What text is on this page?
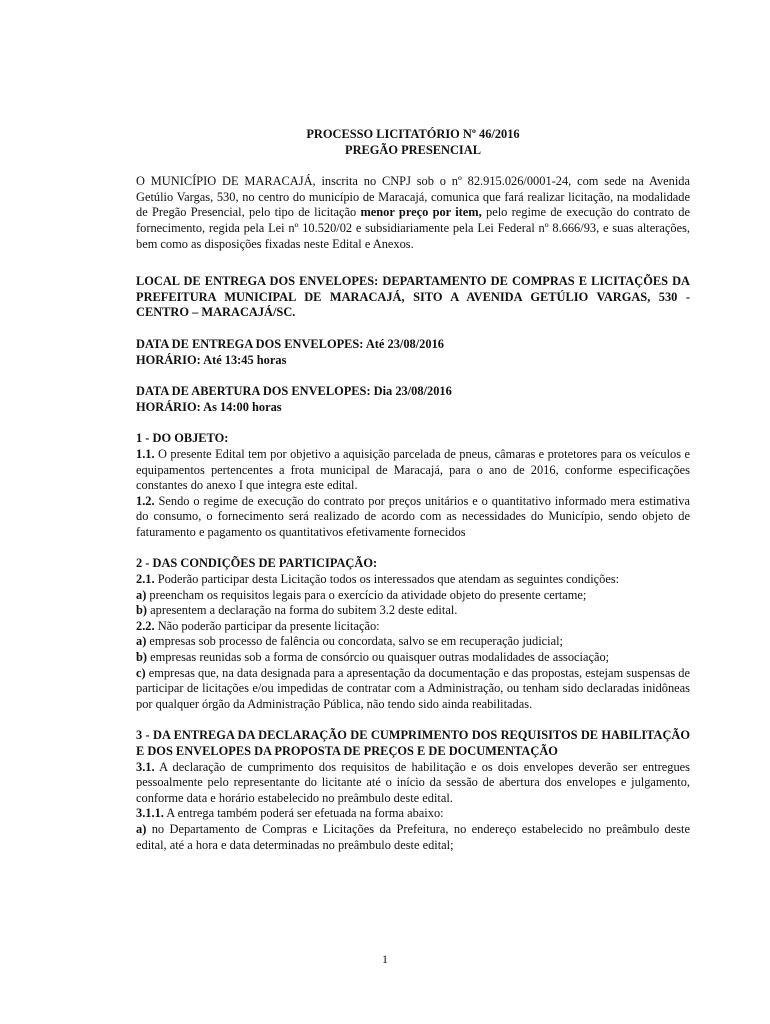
PROCESSO LICITATÓRIO Nº 46/2016
PREGÃO PRESENCIAL

O MUNICÍPIO DE MARACAJÁ, inscrita no CNPJ sob o nº 82.915.026/0001-24, com sede na Avenida Getúlio Vargas, 530, no centro do município de Maracajá, comunica que fará realizar licitação, na modalidade de Pregão Presencial, pelo tipo de licitação menor preço por item, pelo regime de execução do contrato de fornecimento, regida pela Lei nº 10.520/02 e subsidiariamente pela Lei Federal nº 8.666/93, e suas alterações, bem como as disposições fixadas neste Edital e Anexos.

LOCAL DE ENTREGA DOS ENVELOPES: DEPARTAMENTO DE COMPRAS E LICITAÇÕES DA PREFEITURA MUNICIPAL DE MARACAJÁ, SITO A AVENIDA GETÚLIO VARGAS, 530 - CENTRO – MARACAJÁ/SC.

DATA DE ENTREGA DOS ENVELOPES: Até 23/08/2016
HORÁRIO: Até 13:45 horas
DATA DE ABERTURA DOS ENVELOPES: Dia 23/08/2016
HORÁRIO: As 14:00 horas
1 - DO OBJETO:

1.1. O presente Edital tem por objetivo a aquisição parcelada de pneus, câmaras e protetores para os veículos e equipamentos pertencentes a frota municipal de Maracajá, para o ano de 2016, conforme especificações constantes do anexo I que integra este edital.

1.2. Sendo o regime de execução do contrato por preços unitários e o quantitativo informado mera estimativa do consumo, o fornecimento será realizado de acordo com as necessidades do Município, sendo objeto de faturamento e pagamento os quantitativos efetivamente fornecidos

2 - DAS CONDIÇÕES DE PARTICIPAÇÃO:

2.1. Poderão participar desta Licitação todos os interessados que atendam as seguintes condições:

a) preencham os requisitos legais para o exercício da atividade objeto do presente certame;

b) apresentem a declaração na forma do subitem 3.2 deste edital.

2.2. Não poderão participar da presente licitação:

a) empresas sob processo de falência ou concordata, salvo se em recuperação judicial;

b) empresas reunidas sob a forma de consórcio ou quaisquer outras modalidades de associação;

c) empresas que, na data designada para a apresentação da documentação e das propostas, estejam suspensas de participar de licitações e/ou impedidas de contratar com a Administração, ou tenham sido declaradas inidôneas por qualquer órgão da Administração Pública, não tendo sido ainda reabilitadas.

3 - DA ENTREGA DA DECLARAÇÃO DE CUMPRIMENTO DOS REQUISITOS DE HABILITAÇÃO E DOS ENVELOPES DA PROPOSTA DE PREÇOS E DE DOCUMENTAÇÃO

3.1. A declaração de cumprimento dos requisitos de habilitação e os dois envelopes deverão ser entregues pessoalmente pelo representante do licitante até o início da sessão de abertura dos envelopes e julgamento, conforme data e horário estabelecido no preâmbulo deste edital.

3.1.1. A entrega também poderá ser efetuada na forma abaixo:

a) no Departamento de Compras e Licitações da Prefeitura, no endereço estabelecido no preâmbulo deste edital, até a hora e data determinadas no preâmbulo deste edital;

1
